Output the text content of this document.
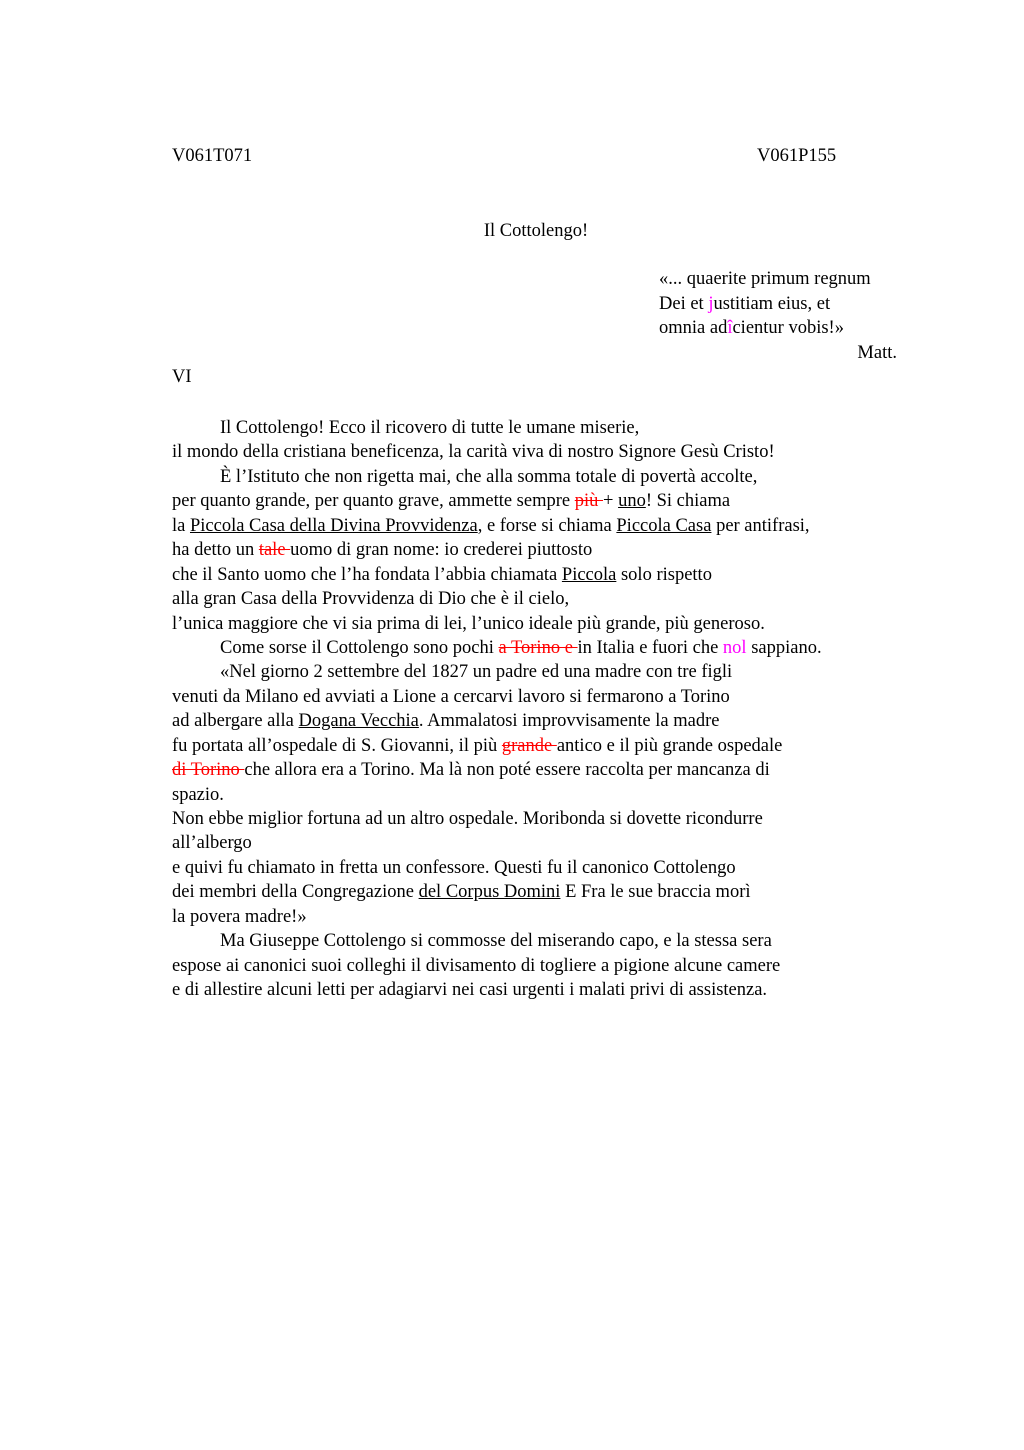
V061T071	V061P155
Il Cottolengo!
«... quaerite primum regnum
Dei et justitiam eius, et
omnia adîcientur vobis!»
Matt.
VI
Il Cottolengo! Ecco il ricovero di tutte le umane miserie,
il mondo della cristiana beneficenza, la carità viva di nostro Signore Gesù Cristo!
È l’Istituto che non rigetta mai, che alla somma totale di povertà accolte,
per quanto grande, per quanto grave, ammette sempre più + uno! Si chiama
la Piccola Casa della Divina Provvidenza, e forse si chiama Piccola Casa per antifrasi,
ha detto un tale uomo di gran nome: io crederei piuttosto
che il Santo uomo che l’ha fondata l’abbia chiamata Piccola solo rispetto
alla gran Casa della Provvidenza di Dio che è il cielo,
l’unica maggiore che vi sia prima di lei, l’unico ideale più grande, più generoso.
Come sorse il Cottolengo sono pochi a Torino e in Italia e fuori che nol sappiano.
«Nel giorno 2 settembre del 1827 un padre ed una madre con tre figli
venuti da Milano ed avviati a Lione a cercarvi lavoro si fermarono a Torino
ad albergare alla Dogana Vecchia. Ammalatosi improvvisamente la madre
fu portata all’ospedale di S. Giovanni, il più grande antico e il più grande ospedale
di Torino che allora era a Torino. Ma là non poté essere raccolta per mancanza di
spazio.
Non ebbe miglior fortuna ad un altro ospedale. Moribonda si dovette ricondurre
all’albergo
e quivi fu chiamato in fretta un confessore. Questi fu il canonico Cottolengo
dei membri della Congregazione del Corpus Domini E Fra le sue braccia morì
la povera madre!»
Ma Giuseppe Cottolengo si commosse del miserando capo, e la stessa sera
espose ai canonici suoi colleghi il divisamento di togliere a pigione alcune camere
e di allestire alcuni letti per adagiarvi nei casi urgenti i malati privi di assistenza.
